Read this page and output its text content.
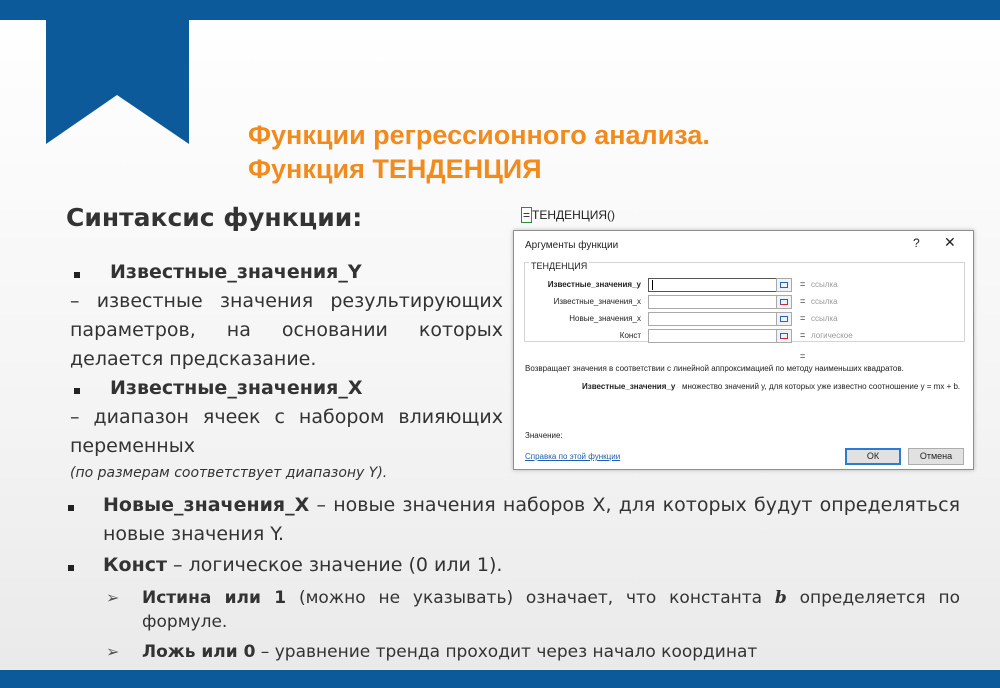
Функции регрессионного анализа.
Функция ТЕНДЕНЦИЯ
Синтаксис функции:
Известные_значения_Y
– известные значения результирующих параметров, на основании которых делается предсказание.
Известные_значения_X
– диапазон ячеек с набором влияющих переменных
(по размерам соответствует диапазону Y).
Новые_значения_X – новые значения наборов Х, для которых будут определяться новые значения Y.
Конст – логическое значение (0 или 1).
➢	Истина или 1 (можно не указывать) означает, что константа b определяется по формуле.
➢	Ложь или 0 – уравнение тренда проходит через начало координат
= ТЕНДЕНЦИЯ()
Аргументы функции	? ✕
ТЕНДЕНЦИЯ
Известные_значения_y	= ссылка
Известные_значения_x	= ссылка
Новые_значения_x	= ссылка
Конст	= логическое
=
Возвращает значения в соответствии с линейной аппроксимацией по методу наименьших квадратов.
Известные_значения_y множество значений y, для которых уже известно соотношение y = mx + b.
Значение:
Справка по этой функции	ОК	Отмена
